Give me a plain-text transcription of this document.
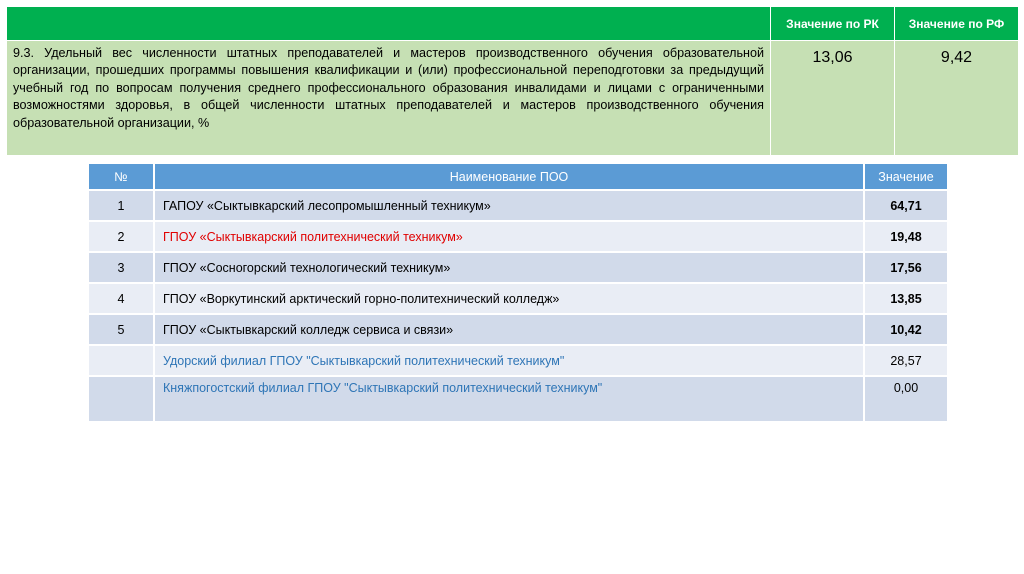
	Значение по РК	Значение по РФ
9.3. Удельный вес численности штатных преподавателей и мастеров производственного обучения образовательной организации, прошедших программы повышения квалификации и (или) профессиональной переподготовки за предыдущий учебный год по вопросам получения среднего профессионального образования инвалидами и лицами с ограниченными возможностями здоровья, в общей численности штатных преподавателей и мастеров производственного обучения образовательной организации, %	13,06	9,42
№	Наименование ПОО	Значение
1	ГАПОУ «Сыктывкарский лесопромышленный техникум»	64,71
2	ГПОУ «Сыктывкарский политехнический техникум»	19,48
3	ГПОУ «Сосногорский технологический техникум»	17,56
4	ГПОУ «Воркутинский арктический горно-политехнический колледж»	13,85
5	ГПОУ «Сыктывкарский колледж сервиса и связи»	10,42
	Удорский филиал ГПОУ "Сыктывкарский политехнический техникум"	28,57
	Княжпогостский филиал ГПОУ "Сыктывкарский политехнический техникум"	0,00
